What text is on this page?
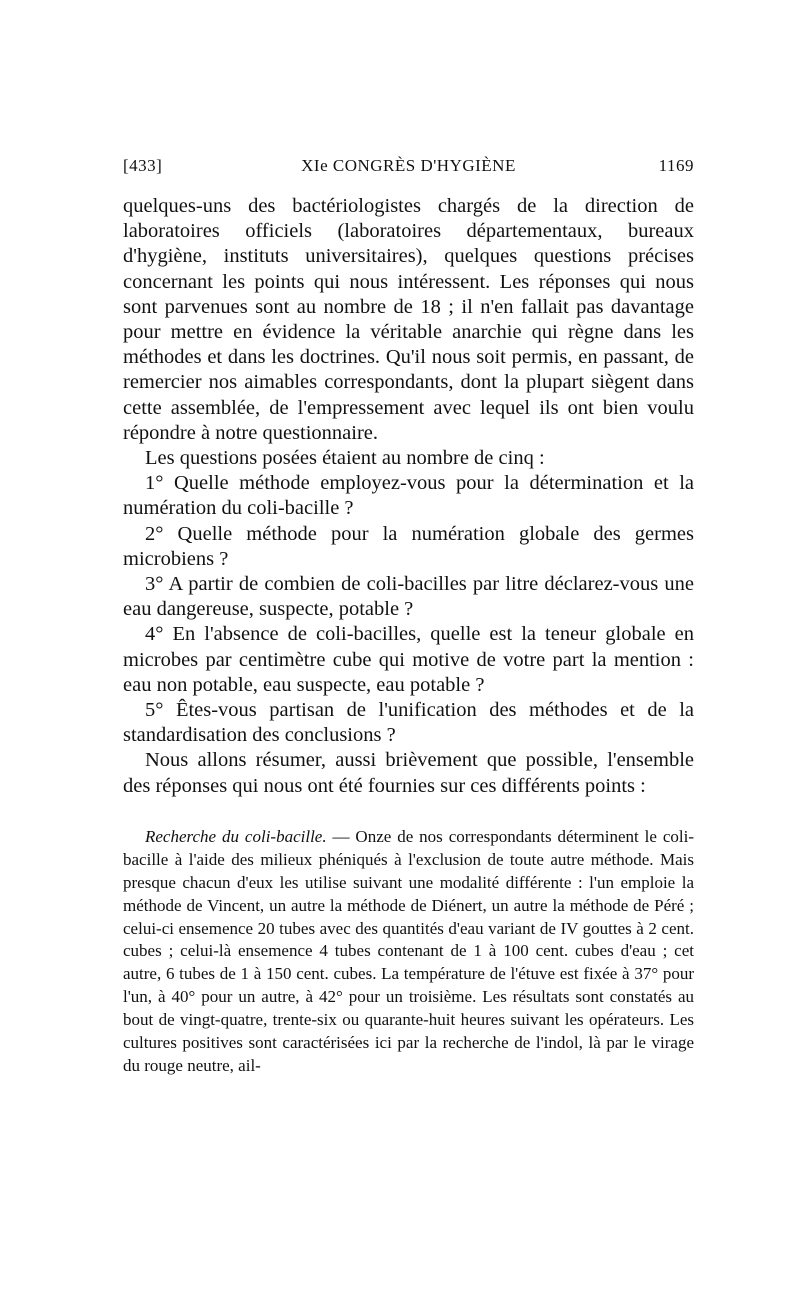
[433]	XIe CONGRÈS D'HYGIÈNE	1169

quelques-uns des bactériologistes chargés de la direction de laboratoires officiels (laboratoires départementaux, bureaux d'hygiène, instituts universitaires), quelques questions précises concernant les points qui nous intéressent. Les réponses qui nous sont parvenues sont au nombre de 18 ; il n'en fallait pas davantage pour mettre en évidence la véritable anarchie qui règne dans les méthodes et dans les doctrines. Qu'il nous soit permis, en passant, de remercier nos aimables correspondants, dont la plupart siègent dans cette assemblée, de l'empressement avec lequel ils ont bien voulu répondre à notre questionnaire.

Les questions posées étaient au nombre de cinq :

1° Quelle méthode employez-vous pour la détermination et la numération du coli-bacille ?

2° Quelle méthode pour la numération globale des germes microbiens ?

3° A partir de combien de coli-bacilles par litre déclarez-vous une eau dangereuse, suspecte, potable ?

4° En l'absence de coli-bacilles, quelle est la teneur globale en microbes par centimètre cube qui motive de votre part la mention : eau non potable, eau suspecte, eau potable ?

5° Êtes-vous partisan de l'unification des méthodes et de la standardisation des conclusions ?

Nous allons résumer, aussi brièvement que possible, l'ensemble des réponses qui nous ont été fournies sur ces différents points :

Recherche du coli-bacille. — Onze de nos correspondants déterminent le coli-bacille à l'aide des milieux phéniqués à l'exclusion de toute autre méthode. Mais presque chacun d'eux les utilise suivant une modalité différente : l'un emploie la méthode de Vincent, un autre la méthode de Diénert, un autre la méthode de Péré ; celui-ci ensemence 20 tubes avec des quantités d'eau variant de IV gouttes à 2 cent. cubes ; celui-là ensemence 4 tubes contenant de 1 à 100 cent. cubes d'eau ; cet autre, 6 tubes de 1 à 150 cent. cubes. La température de l'étuve est fixée à 37° pour l'un, à 40° pour un autre, à 42° pour un troisième. Les résultats sont constatés au bout de vingt-quatre, trente-six ou quarante-huit heures suivant les opérateurs. Les cultures positives sont caractérisées ici par la recherche de l'indol, là par le virage du rouge neutre, ail-
